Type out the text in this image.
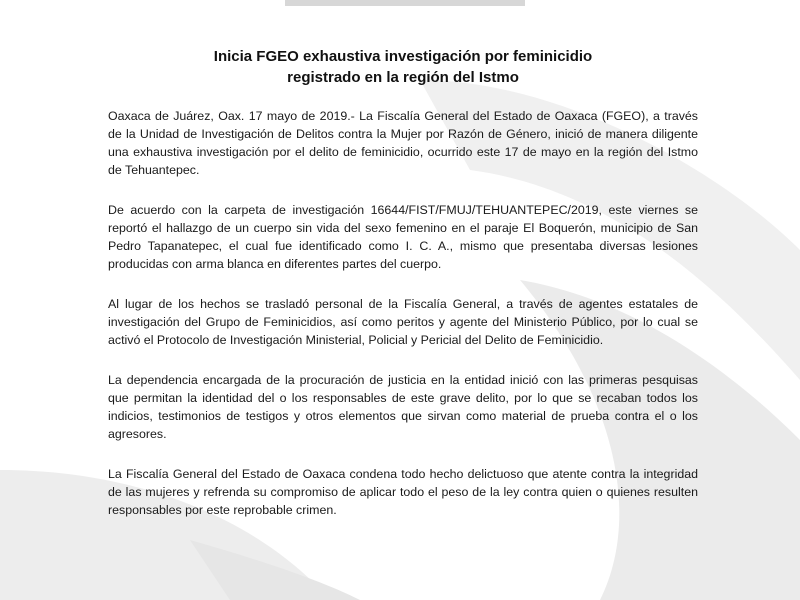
Inicia FGEO exhaustiva investigación por feminicidio
registrado en la región del Istmo

Oaxaca de Juárez, Oax. 17 mayo de 2019.- La Fiscalía General del Estado de Oaxaca (FGEO), a través de la Unidad de Investigación de Delitos contra la Mujer por Razón de Género, inició de manera diligente una exhaustiva investigación por el delito de feminicidio, ocurrido este 17 de mayo en la región del Istmo de Tehuantepec.

De acuerdo con la carpeta de investigación 16644/FIST/FMUJ/TEHUANTEPEC/2019, este viernes se reportó el hallazgo de un cuerpo sin vida del sexo femenino en el paraje El Boquerón, municipio de San Pedro Tapanatepec, el cual fue identificado como I. C. A., mismo que presentaba diversas lesiones producidas con arma blanca en diferentes partes del cuerpo.

Al lugar de los hechos se trasladó personal de la Fiscalía General, a través de agentes estatales de investigación del Grupo de Feminicidios, así como peritos y agente del Ministerio Público, por lo cual se activó el Protocolo de Investigación Ministerial, Policial y Pericial del Delito de Feminicidio.

La dependencia encargada de la procuración de justicia en la entidad inició con las primeras pesquisas que permitan la identidad del o los responsables de este grave delito, por lo que se recaban todos los indicios, testimonios de testigos y otros elementos que sirvan como material de prueba contra el o los agresores.

La Fiscalía General del Estado de Oaxaca condena todo hecho delictuoso que atente contra la integridad de las mujeres y refrenda su compromiso de aplicar todo el peso de la ley contra quien o quienes resulten responsables por este reprobable crimen.
